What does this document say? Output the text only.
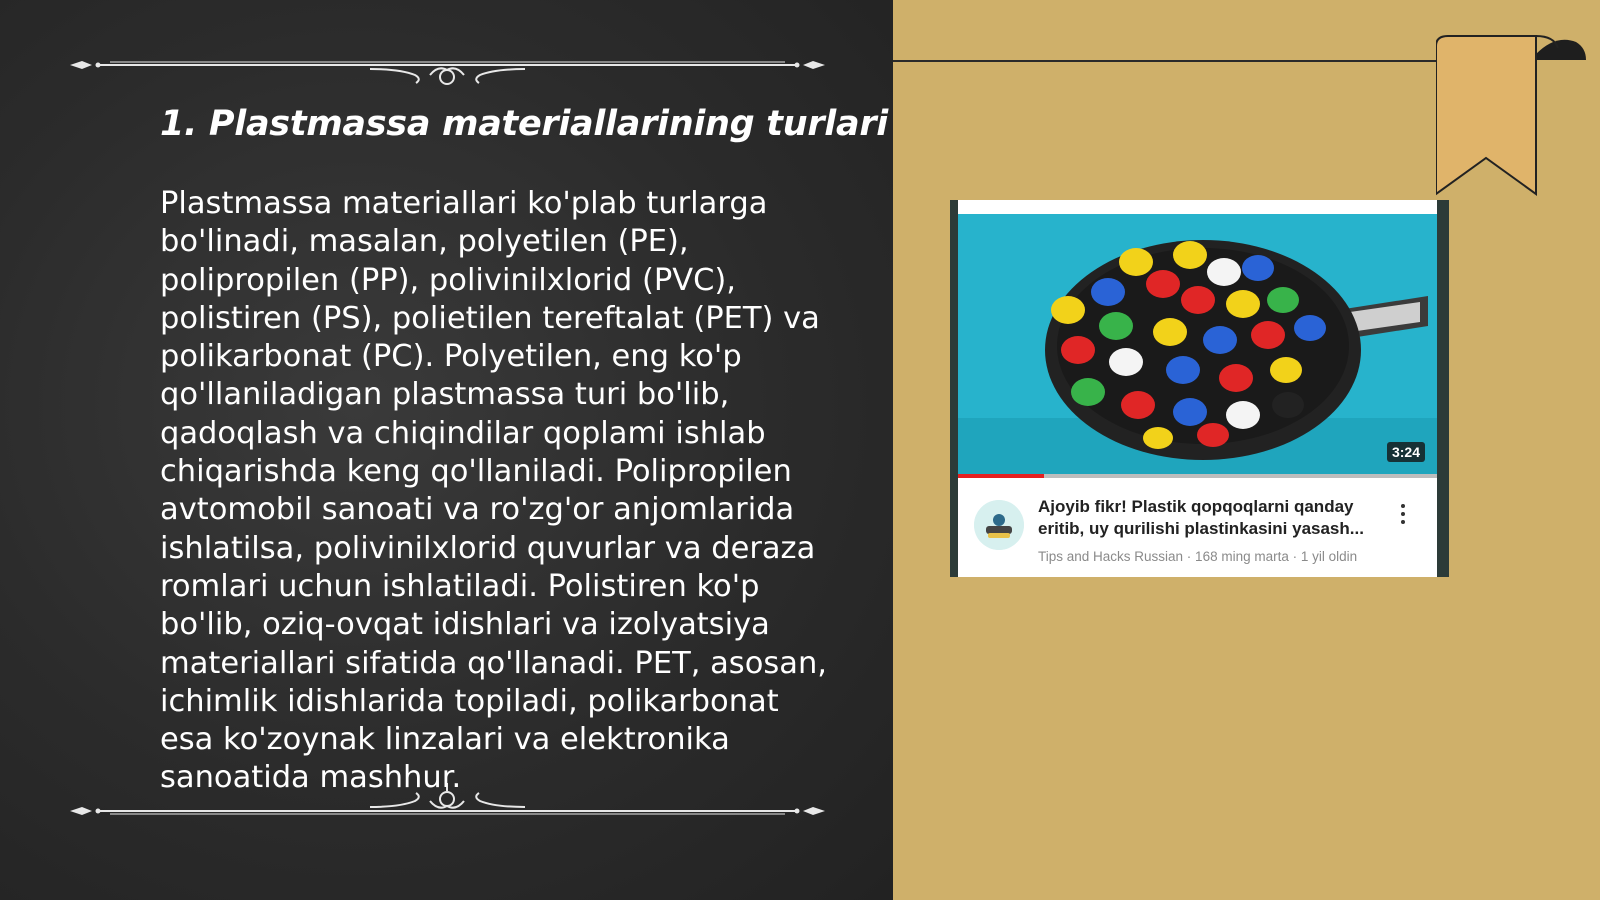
1. Plastmassa materiallarining turlari

Plastmassa materiallari ko'plab turlarga bo'linadi, masalan, polyetilen (PE), polipropilen (PP), polivinilxlorid (PVC), polistiren (PS), polietilen tereftalat (PET) va polikarbonat (PC). Polyetilen, eng ko'p qo'llaniladigan plastmassa turi bo'lib, qadoqlash va chiqindilar qoplami ishlab chiqarishda keng qo'llaniladi. Polipropilen avtomobil sanoati va ro'zg'or anjomlarida ishlatilsa, polivinilxlorid quvurlar va deraza romlari uchun ishlatiladi. Polistiren ko'p bo'lib, oziq-ovqat idishlari va izolyatsiya materiallari sifatida qo'llanadi. PET, asosan, ichimlik idishlarida topiladi, polikarbonat esa ko'zoynak linzalari va elektronika sanoatida mashhur.

3:24
Ajoyib fikr! Plastik qopqoqlarni qanday eritib, uy qurilishi plastinkasini yasash...
Tips and Hacks Russian · 168 ming marta · 1 yil oldin
